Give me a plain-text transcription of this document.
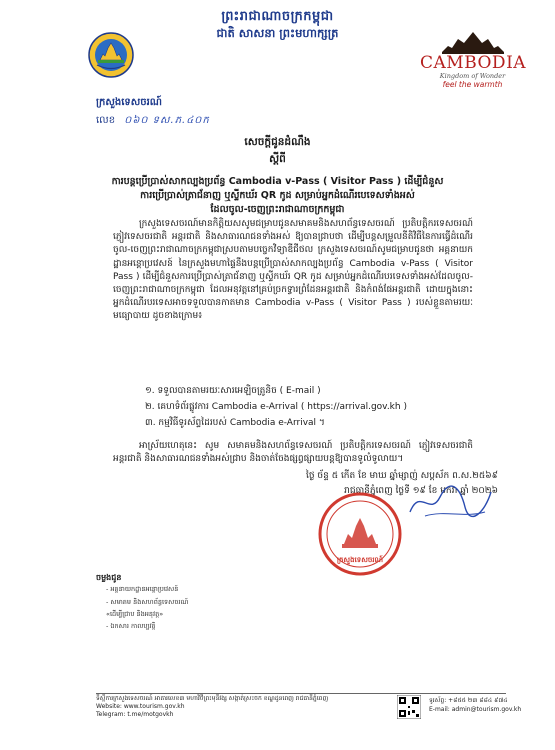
ព្រះរាជាណាចក្រកម្ពុជា
ជាតិ សាសនា ព្រះមហាក្សត្រ
ក្រសួងទេសចរណ៍
លេខ ០៦០ ទស.ភ.៤០ក
CAMBODIA
Kingdom of Wonder
feel the warmth
សេចក្តីជូនដំណឹង
ស្តីពី
ការបន្តប្រើប្រាស់សាកល្បងប្រព័ន្ធ Cambodia v-Pass ( Visitor Pass ) ដើម្បីជំនួស
ការប្រើប្រាស់ត្រាជ័នាញ ឬស្ទីកឃ័រ QR កូដ សម្រាប់អ្នកដំណើរបេទេសទាំងអស់
ដែលចូល-ចេញព្រះរាជាណាចក្រកម្ពុជា
ក្រសួងទេសចរណ៍មានកិត្តិយសសូមជម្រាបជូនសមាគមនិងសហព័ន្ធទេសចរណ៍ ប្រតិបត្តិករទេសចរណ៍ ភ្ញៀវទេសចរជាតិ អន្តរជាតិ និងសាធារណជនទាំងអស់ ឱ្យបានជ្រាបថា ដើម្បីបន្តសម្រួលនីតិវិធីនៃការធ្វើដំណើរចូល-ចេញព្រះរាជាណាចក្រកម្ពុជាស្របតាមបច្ចេកវិទ្យាឌីជីថល ក្រសួងទេសចរណ៍សូមជម្រាបជូនថា អគ្គនាយកដ្ឋានអន្តោប្រវេសន៍ នៃក្រសួងមហាផ្ទៃនឹងបន្តប្រើប្រាស់សាកល្បងប្រព័ន្ធ Cambodia v-Pass ( Visitor Pass ) ដើម្បីជំនួសការប្រើប្រាស់ត្រាជ័នាញ ឬស្ទីកឃ័រ QR កូដ សម្រាប់អ្នកដំណើរបរទេសទាំងអស់ដែលចូល-ចេញព្រះរាជាណាចក្រកម្ពុជា ដែលអនុវត្តនៅគ្រប់ច្រកទ្វារព្រំដែនអន្តរជាតិ និងកំពង់ផែអន្តរជាតិ ដោយក្នុងនោះ អ្នកដំណើរបរទេសអាចទទួលបានកាតមាន Cambodia v-Pass ( Visitor Pass ) របស់ខ្លួនតាមរយៈមធ្យោបាយ ដូចខាងក្រោម៖
១. ទទួលបានតាមរយៈសារអេឡិចត្រូនិច ( E-mail )
២. គេហទំព័រផ្លូវការ Cambodia e-Arrival ( https://arrival.gov.kh )
៣. កម្មវិធីទូរស័ព្ទដៃរបស់ Cambodia e-Arrival ។
អាស្រ័យហេតុនេះ សូម សមាគមនិងសហព័ន្ធទេសចរណ៍ ប្រតិបត្តិករទេសចរណ៍ ភ្ញៀវទេសចរជាតិ អន្តរជាតិ និងសាធារណជនទាំងអស់ជ្រាប និងចាត់ចែងផ្សព្វផ្សាយបន្តឱ្យបានទូលំទូលាយ។
ថ្ងៃ ច័ន្ទ ៥ កើត ខែ មាឃ ឆ្នាំម្សាញ់ សប្តស័ក ព.ស.២៥៦៩
រាជធានីភ្នំពេញ ថ្ងៃទី ១៩ ខែ មករា ឆ្នាំ ២០២៦
ក្រសួងទេសចរណ៍
ចម្លងជូន
- អគ្គនាយកដ្ឋានអន្តោប្រវេសន៍
- សមាគម និងសហព័ន្ធទេសចរណ៍
«ដើម្បីជ្រាប និងអនុវត្ត»
- ឯកសារ កាលប្បវត្តិ
ទីស្តីការក្រសួងទេសចរណ៍ អាគារលេខ៣ មហាវិថីព្រះមុនីវង្ស សង្កាត់ស្រះចក ខណ្ឌដូនពេញ រាជធានីភ្នំពេញ
Website: www.tourism.gov.kh
Telegram: t.me/motgovkh
ទូរស័ព្ទ: +៨៥៥ ២៣ ៨៨៤ ៩៧៤
E-mail: admin@tourism.gov.kh
